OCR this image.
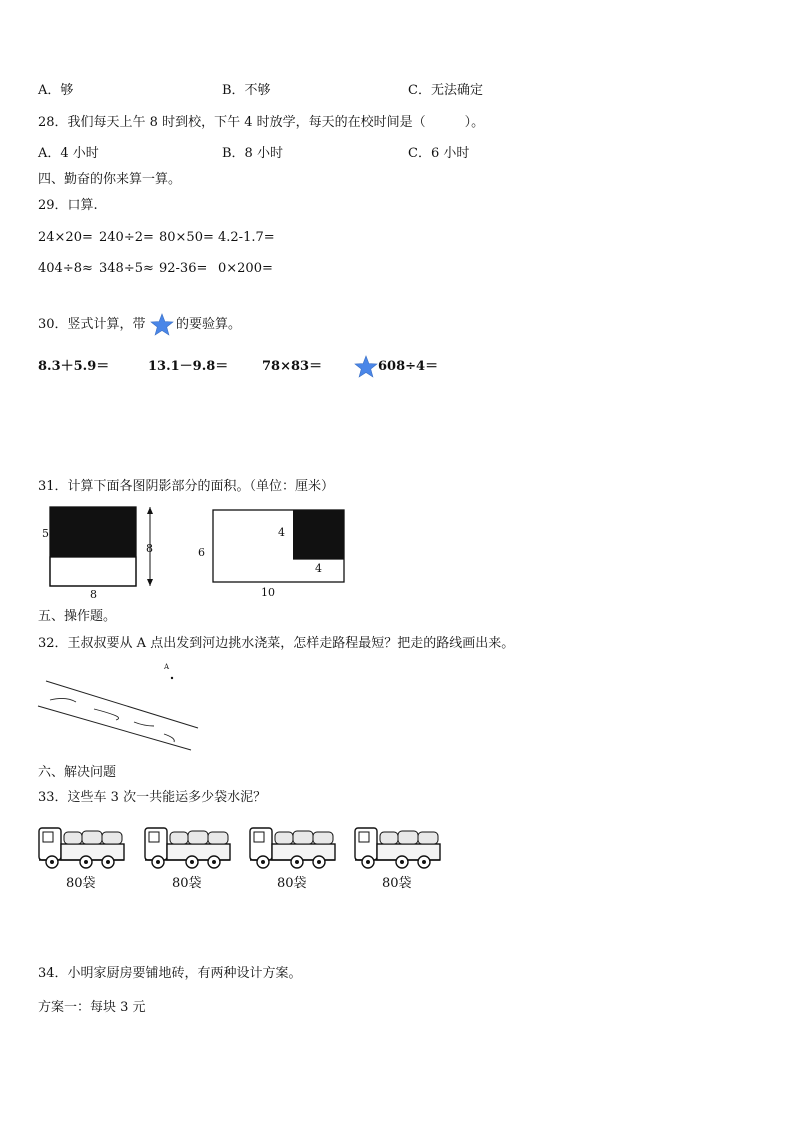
A．够	B．不够	C．无法确定
28．我们每天上午 8 时到校，下午 4 时放学，每天的在校时间是（　　　）。
A．4 小时	B．8 小时	C．6 小时
四、勤奋的你来算一算。
29．口算.
24×20= 240÷2= 80×50= 4.2-1.7=
404÷8≈ 348÷5≈ 92-36= 0×200=
30．竖式计算，带 的要验算。
8.3＋5.9＝	13.1－9.8＝	78×83＝	608÷4＝
31．计算下面各图阴影部分的面积。（单位：厘米）
5
8
8
6
4
4
10
五、操作题。
32．王叔叔要从 A 点出发到河边挑水浇菜，怎样走路程最短？把走的路线画出来。
A
六、解决问题
33．这些车 3 次一共能运多少袋水泥？
80袋	80袋	80袋	80袋
34．小明家厨房要铺地砖，有两种设计方案。
方案一：每块 3 元
